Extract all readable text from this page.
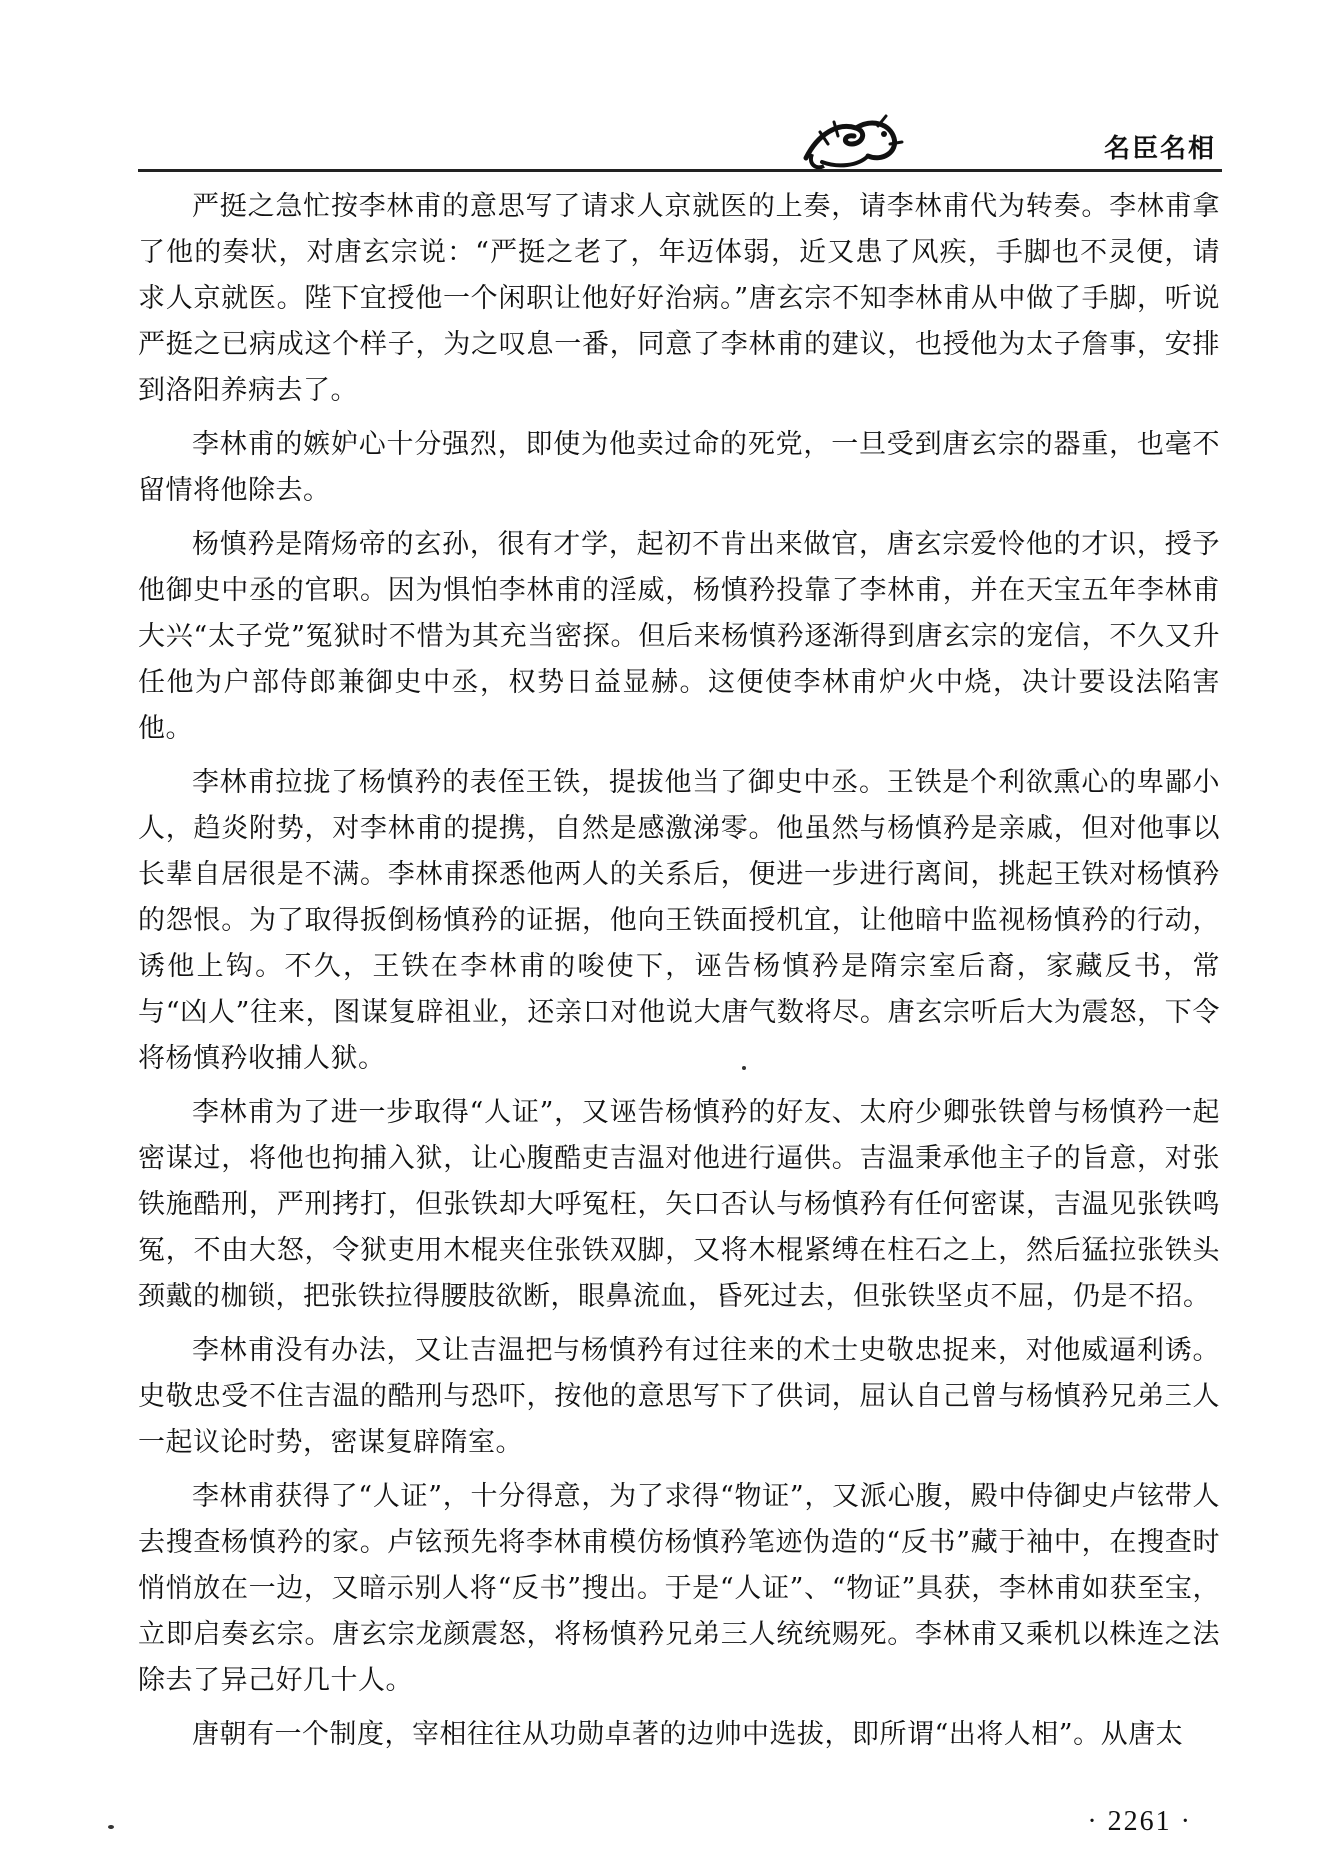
名臣名相

严挺之急忙按李林甫的意思写了请求人京就医的上奏，请李林甫代为转奏。李林甫拿了他的奏状，对唐玄宗说：“严挺之老了，年迈体弱，近又患了风疾，手脚也不灵便，请求人京就医。陛下宜授他一个闲职让他好好治病。”唐玄宗不知李林甫从中做了手脚，听说严挺之已病成这个样子，为之叹息一番，同意了李林甫的建议，也授他为太子詹事，安排到洛阳养病去了。

李林甫的嫉妒心十分强烈，即使为他卖过命的死党，一旦受到唐玄宗的器重，也毫不留情将他除去。

杨慎矜是隋炀帝的玄孙，很有才学，起初不肯出来做官，唐玄宗爱怜他的才识，授予他御史中丞的官职。因为惧怕李林甫的淫威，杨慎矜投靠了李林甫，并在天宝五年李林甫大兴“太子党”冤狱时不惜为其充当密探。但后来杨慎矜逐渐得到唐玄宗的宠信，不久又升任他为户部侍郎兼御史中丞，权势日益显赫。这便使李林甫炉火中烧，决计要设法陷害他。

李林甫拉拢了杨慎矜的表侄王铁，提拔他当了御史中丞。王铁是个利欲熏心的卑鄙小人，趋炎附势，对李林甫的提携，自然是感激涕零。他虽然与杨慎矜是亲戚，但对他事以长辈自居很是不满。李林甫探悉他两人的关系后，便进一步进行离间，挑起王铁对杨慎矜的怨恨。为了取得扳倒杨慎矜的证据，他向王铁面授机宜，让他暗中监视杨慎矜的行动，诱他上钩。不久，王铁在李林甫的唆使下，诬告杨慎矜是隋宗室后裔，家藏反书，常与“凶人”往来，图谋复辟祖业，还亲口对他说大唐气数将尽。唐玄宗听后大为震怒，下令将杨慎矜收捕人狱。

李林甫为了进一步取得“人证”，又诬告杨慎矜的好友、太府少卿张铁曾与杨慎矜一起密谋过，将他也拘捕入狱，让心腹酷吏吉温对他进行逼供。吉温秉承他主子的旨意，对张铁施酷刑，严刑拷打，但张铁却大呼冤枉，矢口否认与杨慎矜有任何密谋，吉温见张铁鸣冤，不由大怒，令狱吏用木棍夹住张铁双脚，又将木棍紧缚在柱石之上，然后猛拉张铁头颈戴的枷锁，把张铁拉得腰肢欲断，眼鼻流血，昏死过去，但张铁坚贞不屈，仍是不招。

李林甫没有办法，又让吉温把与杨慎矜有过往来的术士史敬忠捉来，对他威逼利诱。史敬忠受不住吉温的酷刑与恐吓，按他的意思写下了供词，屈认自己曾与杨慎矜兄弟三人一起议论时势，密谋复辟隋室。

李林甫获得了“人证”，十分得意，为了求得“物证”，又派心腹，殿中侍御史卢铉带人去搜查杨慎矜的家。卢铉预先将李林甫模仿杨慎矜笔迹伪造的“反书”藏于袖中，在搜查时悄悄放在一边，又暗示别人将“反书”搜出。于是“人证”、“物证”具获，李林甫如获至宝，立即启奏玄宗。唐玄宗龙颜震怒，将杨慎矜兄弟三人统统赐死。李林甫又乘机以株连之法除去了异己好几十人。

唐朝有一个制度，宰相往往从功勋卓著的边帅中选拔，即所谓“出将人相”。从唐太

· 2261 ·
